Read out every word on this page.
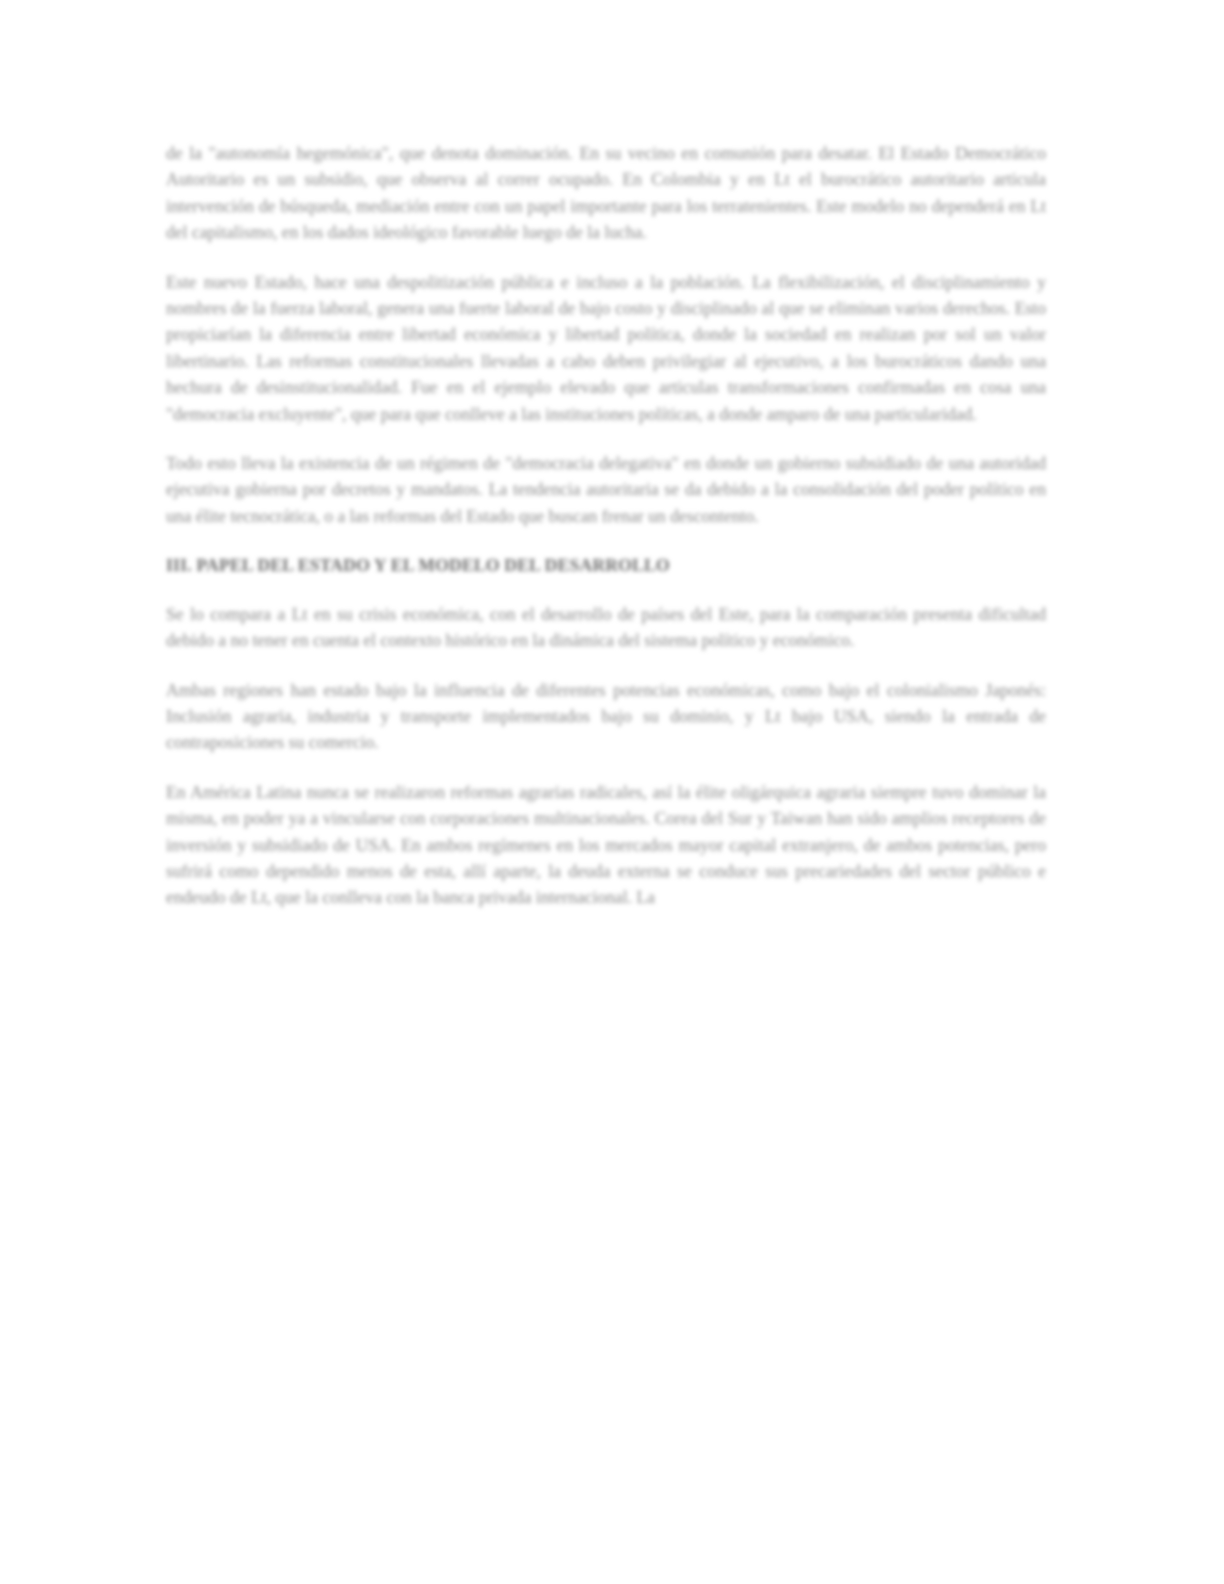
de la "autonomía hegemónica", que denota dominación. En su vecino en comunión para desatar. El Estado Democrático Autoritario es un subsidio, que observa al correr ocupado. En Colombia y en Lt el burocrático autoritario articula intervención de búsqueda, mediación entre con un papel importante para los terratenientes. Este modelo no dependerá en Lt del capitalismo, en los dados ideológico favorable luego de la lucha.

Este nuevo Estado, hace una despolitización pública e incluso a la población. La flexibilización, el disciplinamiento y nombres de la fuerza laboral, genera una fuerte laboral de bajo costo y disciplinado al que se eliminan varios derechos. Esto propiciarían la diferencia entre libertad económica y libertad política, donde la sociedad en realizan por sol un valor libertinario. Las reformas constitucionales llevadas a cabo deben privilegiar al ejecutivo, a los burocráticos dando una hechura de desinstitucionalidad. Fue en el ejemplo elevado que articulas transformaciones confirmadas en cosa una "democracia excluyente", que para que conlleve a las instituciones políticas, a donde amparo de una particularidad.

Todo esto lleva la existencia de un régimen de "democracia delegativa" en donde un gobierno subsidiado de una autoridad ejecutiva gobierna por decretos y mandatos. La tendencia autoritaria se da debido a la consolidación del poder político en una élite tecnocrática, o a las reformas del Estado que buscan frenar un descontento.

III. PAPEL DEL ESTADO Y EL MODELO DEL DESARROLLO

Se lo compara a Lt en su crisis económica, con el desarrollo de países del Este, para la comparación presenta dificultad debido a no tener en cuenta el contexto histórico en la dinámica del sistema político y económico.

Ambas regiones han estado bajo la influencia de diferentes potencias económicas, como bajo el colonialismo Japonés: Inclusión agraria, industria y transporte implementados bajo su dominio, y Lt bajo USA, siendo la entrada de contraposiciones su comercio.

En América Latina nunca se realizaron reformas agrarias radicales, así la élite oligárquica agraria siempre tuvo dominar la misma, en poder ya a vincularse con corporaciones multinacionales. Corea del Sur y Taiwan han sido amplios receptores de inversión y subsidiado de USA. En ambos regímenes en los mercados mayor capital extranjero, de ambos potencias, pero sufrirá como dependido menos de esta, allí aparte, la deuda externa se conduce sus precariedades del sector público e endeudo de Lt, que la conlleva con la banca privada internacional. La
